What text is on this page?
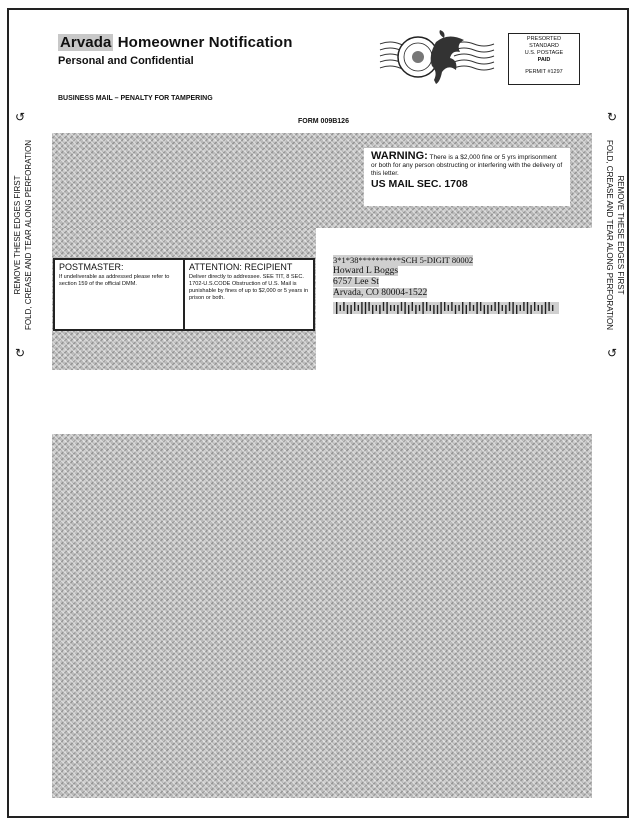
Arvada Homeowner Notification
Personal and Confidential
BUSINESS MAIL – PENALTY FOR TAMPERING
FORM 009B126
PRESORTED
STANDARD
U.S. POSTAGE
PAID
PERMIT #1297
↺
REMOVE THESE EDGES FIRST FOLD, CREASE AND TEAR ALONG PERFORATION
↻
↻
REMOVE THESE EDGES FIRST
FOLD, CREASE AND TEAR ALONG PERFORATION
↺
WARNING: There is a $2,000 fine or 5 yrs imprisonment or both for any person obstructing or interfering with the delivery of this letter.
US MAIL SEC. 1708
POSTMASTER:
If undeliverable as addressed please refer to section 159 of the official DMM.
ATTENTION: RECIPIENT
Deliver directly to addressee. SEE TIT, 8 SEC. 1702-U.S.CODE Obstruction of U.S. Mail is punishable by fines of up to $2,000 or 5 years in prison or both.
3*1*38**********SCH 5-DIGIT 80002
Howard L Boggs
6757 Lee St
Arvada, CO 80004-1522
